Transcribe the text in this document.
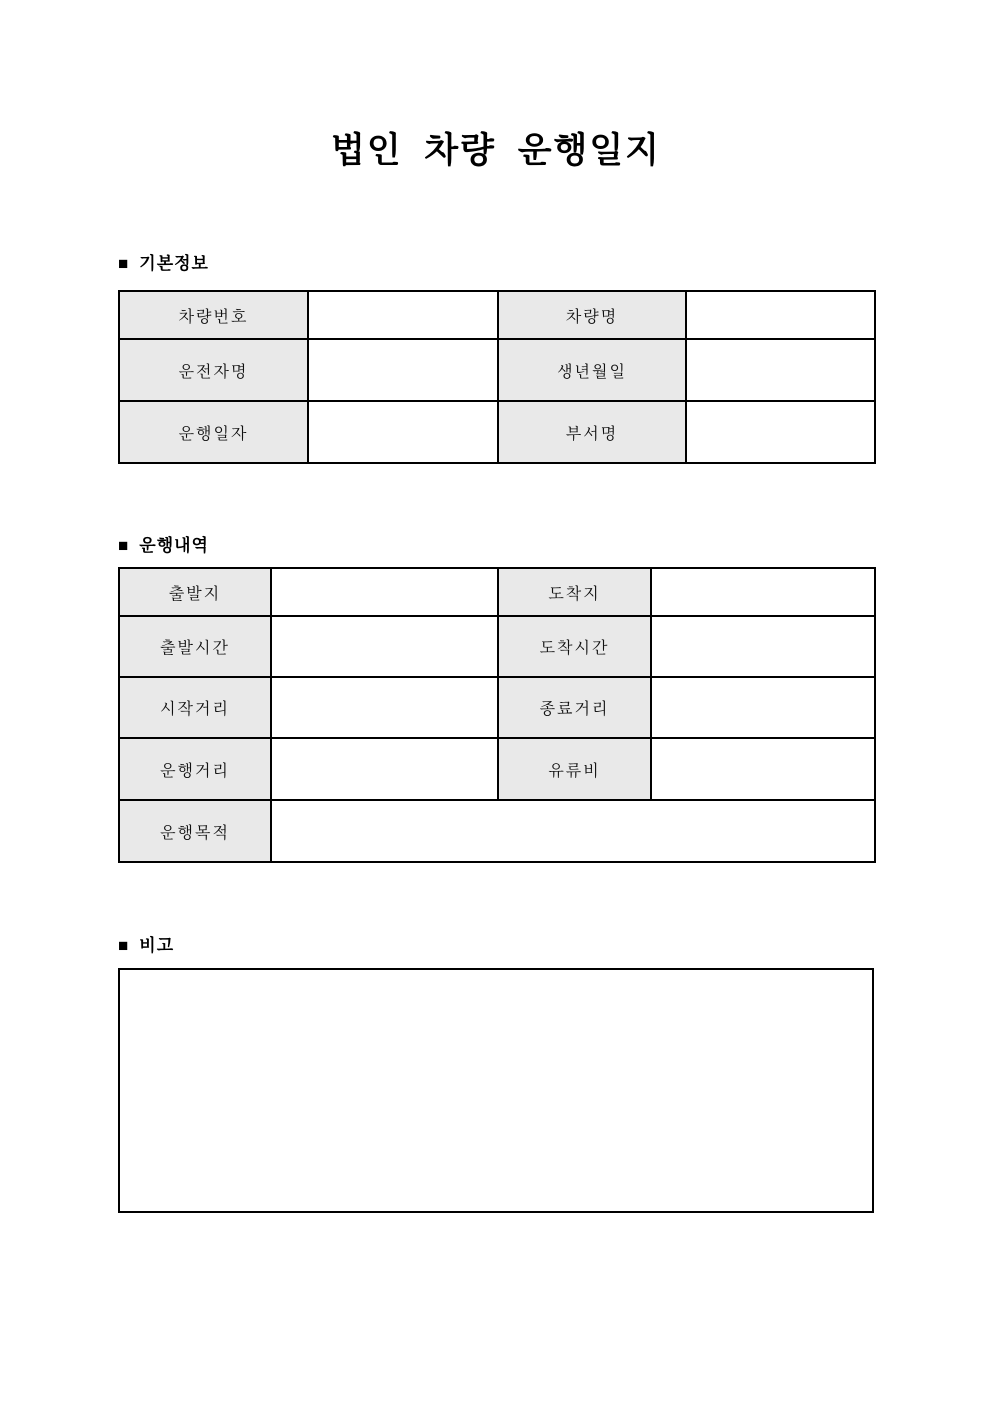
법인 차량 운행일지
■ 기본정보
차량번호		차량명	
운전자명		생년월일	
운행일자		부서명	
■ 운행내역
출발지		도착지	
출발시간		도착시간	
시작거리		종료거리	
운행거리		유류비	
운행목적			
■ 비고
